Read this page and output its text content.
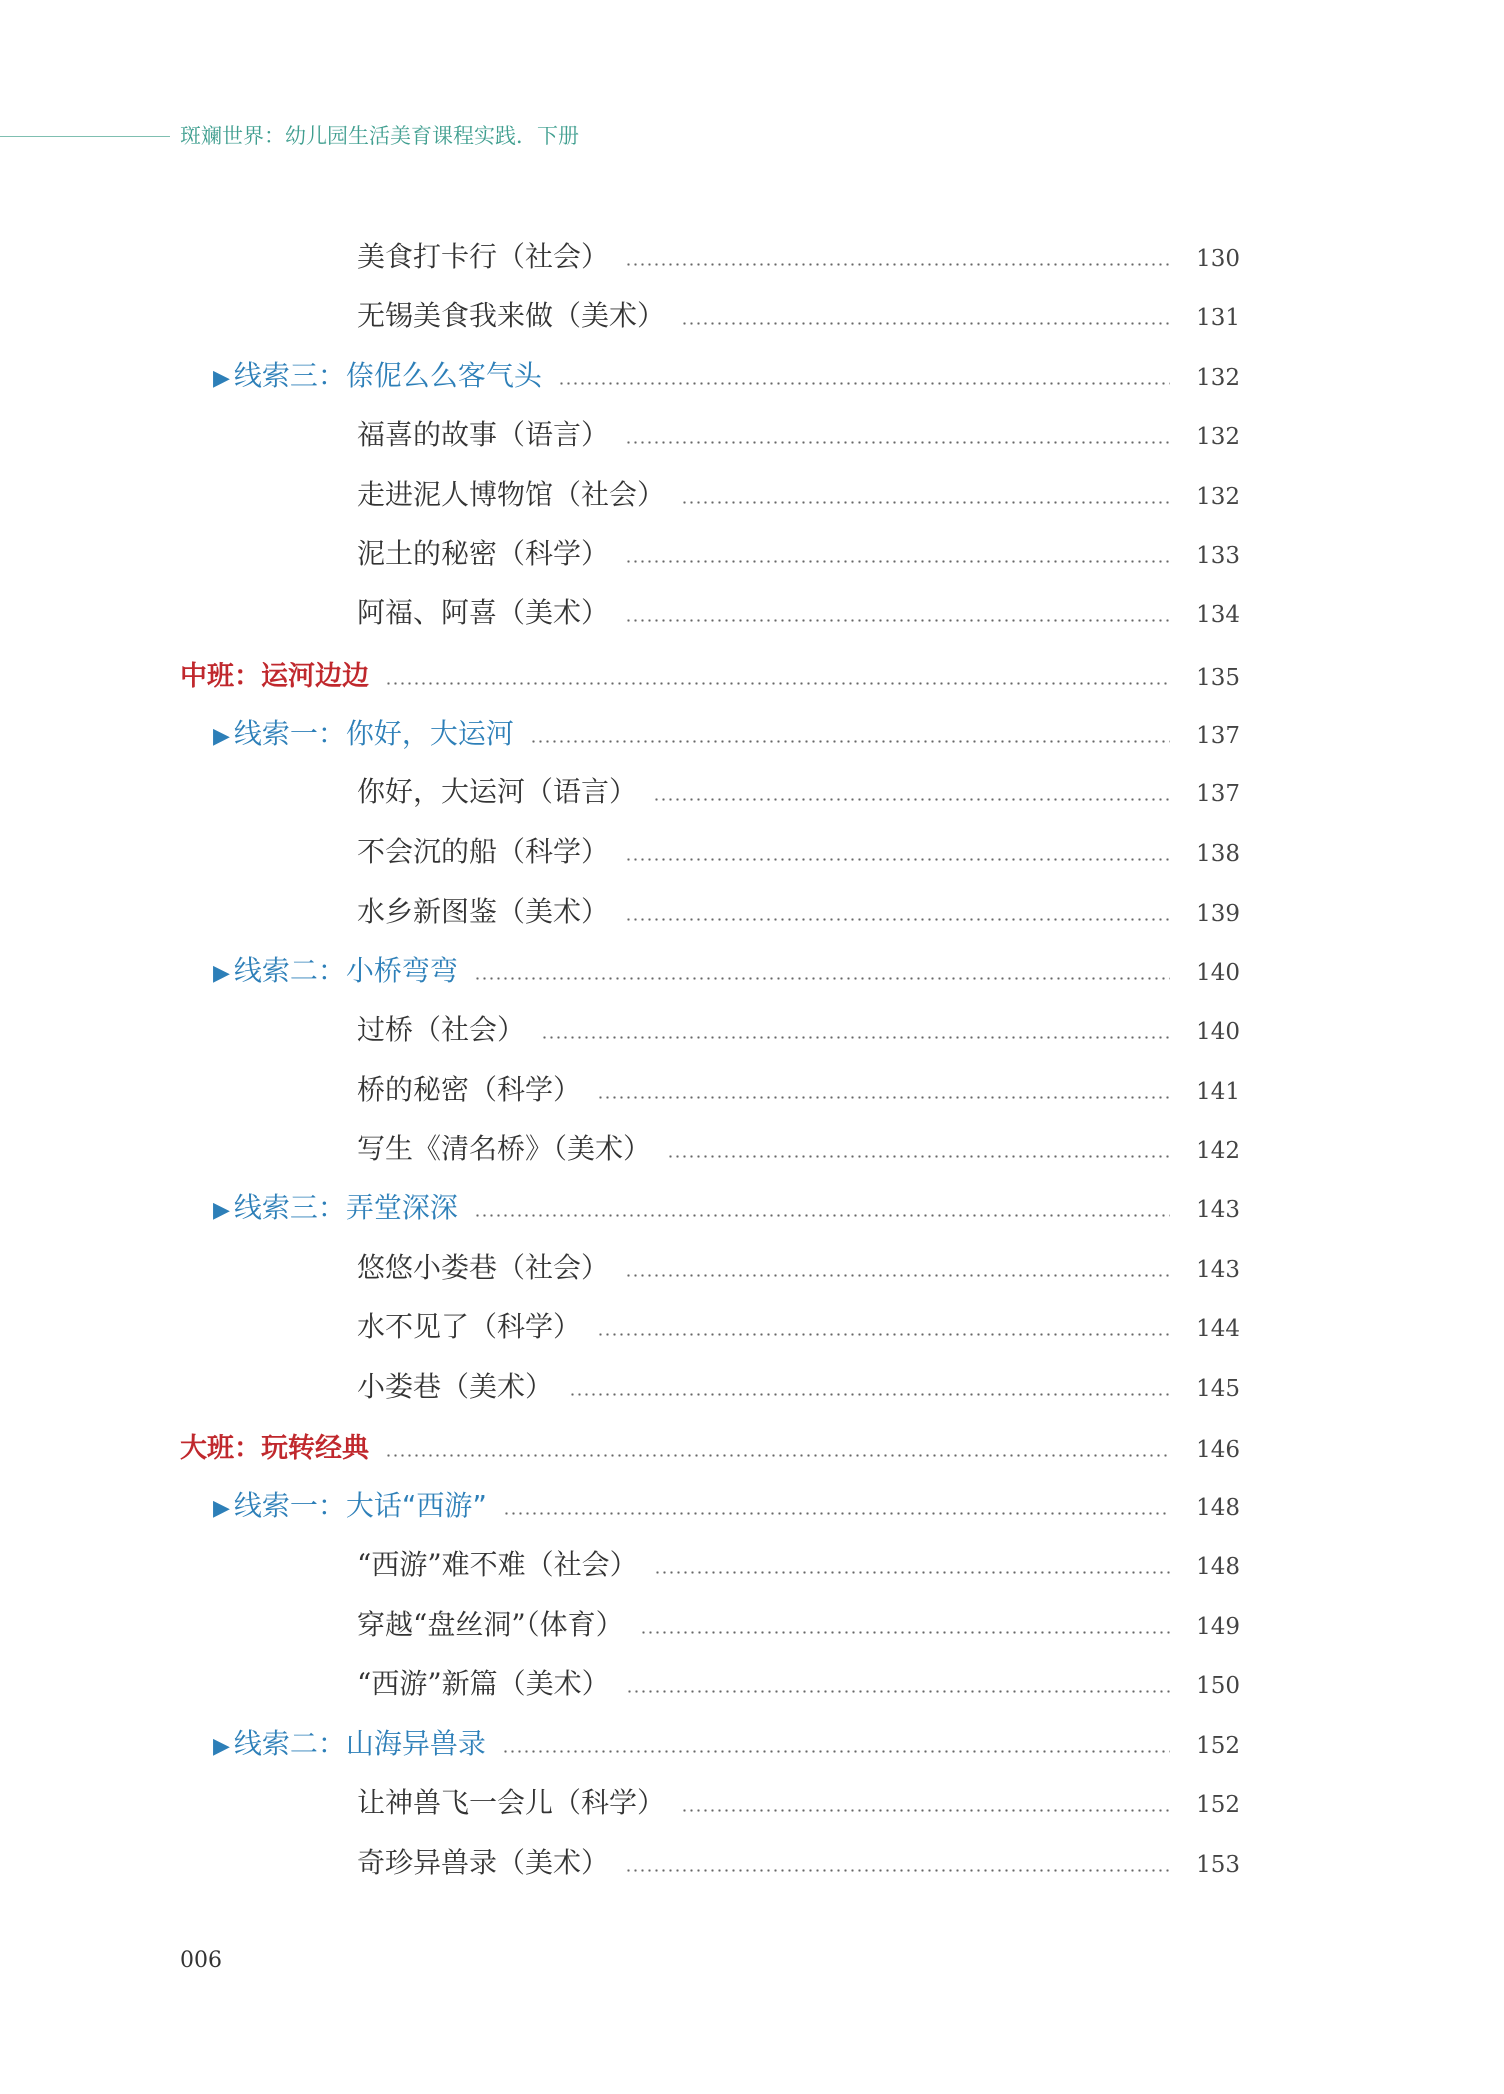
斑斓世界：幼儿园生活美育课程实践．下册
美食打卡行（社会）	130
无锡美食我来做（美术）	131
▶ 线索三：倷伲么么客气头	132
福喜的故事（语言）	132
走进泥人博物馆（社会）	132
泥土的秘密（科学）	133
阿福、阿喜（美术）	134
中班：运河边边	135
▶ 线索一：你好，大运河	137
你好，大运河（语言）	137
不会沉的船（科学）	138
水乡新图鉴（美术）	139
▶ 线索二：小桥弯弯	140
过桥（社会）	140
桥的秘密（科学）	141
写生《清名桥》（美术）	142
▶ 线索三：弄堂深深	143
悠悠小娄巷（社会）	143
水不见了（科学）	144
小娄巷（美术）	145
大班：玩转经典	146
▶ 线索一：大话“西游”	148
“西游”难不难（社会）	148
穿越“盘丝洞”（体育）	149
“西游”新篇（美术）	150
▶ 线索二：山海异兽录	152
让神兽飞一会儿（科学）	152
奇珍异兽录（美术）	153
006
